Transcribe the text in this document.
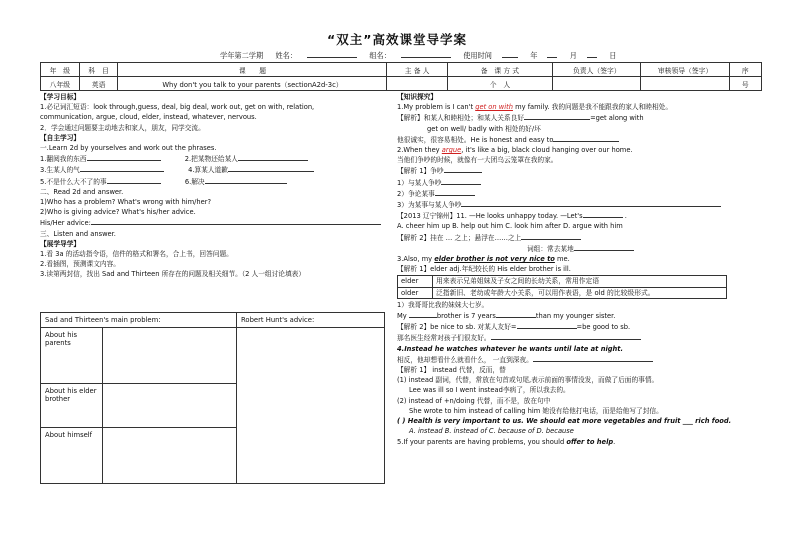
“双主”高效课堂导学案
学年第二学期 姓名：	组名：	使用时间	年	月	日
年　级	科　目	课　　题	主 备 人	备　课 方 式	负责人（签字）	审核领导（签字）	序
八年级	英语	Why don't you talk to your parents（sectionA2d-3c）		个　人			号

【学习目标】

1.必记词汇短语：look through,guess, deal, big deal, work out, get on with, relation,

communication, argue, cloud, elder, instead, whatever, nervous.

2．学会通过问题要主动地去和家人，朋友，同学交流。

【自主学习】

一.Learn 2d by yourselves and work out the phrases.

1.翻阅我的东西	2.把某物还给某人

3.生某人的气	4.算某人道歉

5.不是什么大不了的事	6.解决

二、Read 2d and answer.

1)Who has a problem? What's wrong with him/her?

2)Who is giving advice? What's his/her advice.

His/Her advice:

三、Listen and answer.

【展学导学】

1.看 3a 的活动指令语，信件的格式和署名，合上书，回答问题。

2.看插图，预测课文内容。

3.读第两封信，找出 Sad and Thirteen 所存在的问题及相关细节。（2 人一组讨论填表）

Sad and Thirteen's main problem:		Robert Hunt's advice:
About his parents		
About his elder brother		
About himself		

【知识探究】

1.My problem is I can't get on with my family. 我的问题是我不能跟我的家人和睦相处。

【解析】和某人和睦相处；和某人关系良好	=get along with

get on well/ badly with 相处的好/坏

他很诚实，很容易相处。He is honest and easy to

2.When they argue, it's like a big, black cloud hanging over our home.

当他们争吵的时候，就像有一大团乌云笼罩在我的家。

【解析 1】争吵

1）与某人争吵

2）争论某事

3）为某事与某人争吵

【2013 辽宁锦州】11. —He looks unhappy today. —Let's	.

A. cheer him up B. help out him C. look him after D. argue with him

【解析 2】挂在 … 之上；悬浮在……之上

词组：常去某地

3.Also, my elder brother is not very nice to me.

【解析 1】elder adj.年纪较长的 His elder brother is ill.

elder	用来表示兄弟姐妹及子女之间的长幼关系，常用作定语
older	泛指新旧、老幼或年龄大小关系，可以用作表语，是 old 的比较级形式。

1）我哥哥比我的妹妹大七岁。

My	brother is 7 years	than my younger sister.

【解析 2】be nice to sb. 对某人友好=	=be good to sb.

那名医生经常对孩子们很友好。

4.Instead he watches whatever he wants until late at night.

相反，他却想看什么就看什么， 一直到深夜。

【解析 1】 instead 代替，反而，替

(1) instead 副词，代替，常放在句首或句尾,表示前面的事情没发，而做了后面的事情。

Lee was ill so I went instead李病了，所以我去的。

(2) instead of +n/doing 代替，而不是，放在句中

She wrote to him instead of calling him 她没有给他打电话，而是给他写了封信。

( ) Health is very important to us. We should eat more vegetables and fruit ___ rich food.

A. instead B. instead of C. because of D. because

5.If your parents are having problems, you should offer to help.
